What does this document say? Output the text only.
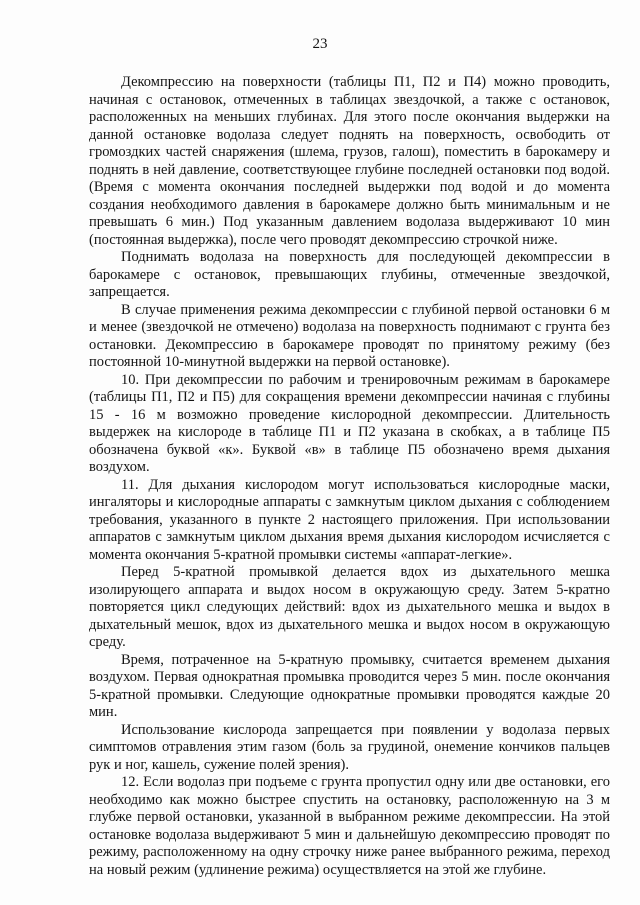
23

Декомпрессию на поверхности (таблицы П1, П2 и П4) можно проводить, начиная с остановок, отмеченных в таблицах звездочкой, а также с остановок, расположенных на меньших глубинах. Для этого после окончания выдержки на данной остановке водолаза следует поднять на поверхность, освободить от громоздких частей снаряжения (шлема, грузов, галош), поместить в барокамеру и поднять в ней давление, соответствующее глубине последней остановки под водой. (Время с момента окончания последней выдержки под водой и до момента создания необходимого давления в барокамере должно быть минимальным и не превышать 6 мин.) Под указанным давлением водолаза выдерживают 10 мин (постоянная выдержка), после чего проводят декомпрессию строчкой ниже.

Поднимать водолаза на поверхность для последующей декомпрессии в барокамере с остановок, превышающих глубины, отмеченные звездочкой, запрещается.

В случае применения режима декомпрессии с глубиной первой остановки 6 м и менее (звездочкой не отмечено) водолаза на поверхность поднимают с грунта без остановки. Декомпрессию в барокамере проводят по принятому режиму (без постоянной 10-минутной выдержки на первой остановке).

10. При декомпрессии по рабочим и тренировочным режимам в барокамере (таблицы П1, П2 и П5) для сокращения времени декомпрессии начиная с глубины 15 - 16 м возможно проведение кислородной декомпрессии. Длительность выдержек на кислороде в таблице П1 и П2 указана в скобках, а в таблице П5 обозначена буквой «к». Буквой «в» в таблице П5 обозначено время дыхания воздухом.

11. Для дыхания кислородом могут использоваться кислородные маски, ингаляторы и кислородные аппараты с замкнутым циклом дыхания с соблюдением требования, указанного в пункте 2 настоящего приложения. При использовании аппаратов с замкнутым циклом дыхания время дыхания кислородом исчисляется с момента окончания 5-кратной промывки системы «аппарат-легкие».

Перед 5-кратной промывкой делается вдох из дыхательного мешка изолирующего аппарата и выдох носом в окружающую среду. Затем 5-кратно повторяется цикл следующих действий: вдох из дыхательного мешка и выдох в дыхательный мешок, вдох из дыхательного мешка и выдох носом в окружающую среду.

Время, потраченное на 5-кратную промывку, считается временем дыхания воздухом. Первая однократная промывка проводится через 5 мин. после окончания 5-кратной промывки. Следующие однократные промывки проводятся каждые 20 мин.

Использование кислорода запрещается при появлении у водолаза первых симптомов отравления этим газом (боль за грудиной, онемение кончиков пальцев рук и ног, кашель, сужение полей зрения).

12. Если водолаз при подъеме с грунта пропустил одну или две остановки, его необходимо как можно быстрее спустить на остановку, расположенную на 3 м глубже первой остановки, указанной в выбранном режиме декомпрессии. На этой остановке водолаза выдерживают 5 мин и дальнейшую декомпрессию проводят по режиму, расположенному на одну строчку ниже ранее выбранного режима, переход на новый режим (удлинение режима) осуществляется на этой же глубине.
